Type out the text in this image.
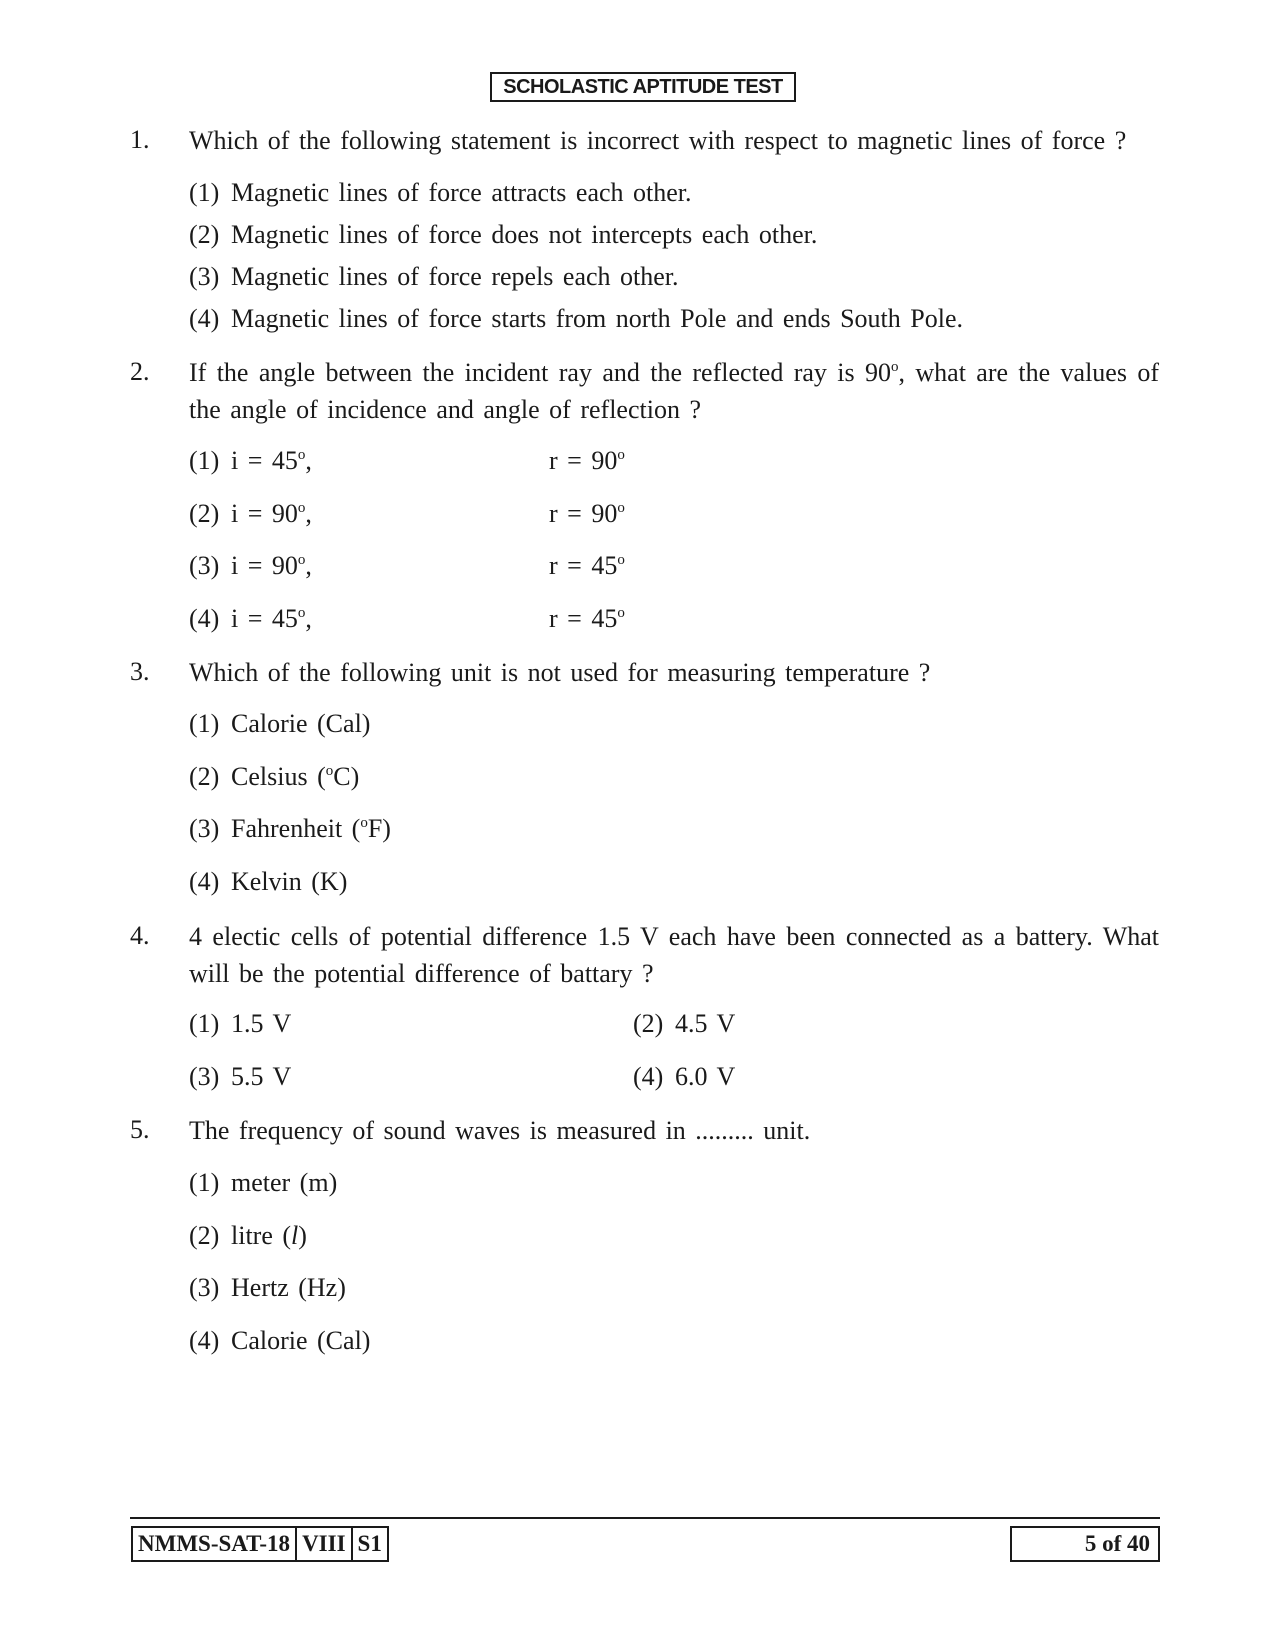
SCHOLASTIC APTITUDE TEST
1. Which of the following statement is incorrect with respect to magnetic lines of force ?
(1) Magnetic lines of force attracts each other.
(2) Magnetic lines of force does not intercepts each other.
(3) Magnetic lines of force repels each other.
(4) Magnetic lines of force starts from north Pole and ends South Pole.
2. If the angle between the incident ray and the reflected ray is 90$^o$, what are the values of the angle of incidence and angle of reflection ?
(1) $i = 45^o$,	$r = 90^o$
(2) $i = 90^o$,	$r = 90^o$
(3) $i = 90^o$,	$r = 45^o$
(4) $i = 45^o$,	$r = 45^o$
3. Which of the following unit is not used for measuring temperature ?
(1) Calorie (Cal)
(2) Celsius ($^o$C)
(3) Fahrenheit ($^o$F)
(4) Kelvin (K)
4. 4 electic cells of potential difference 1.5 V each have been connected as a battery. What will be the potential difference of battary ?
(1) 1.5 V	(2) 4.5 V
(3) 5.5 V	(4) 6.0 V
5. The frequency of sound waves is measured in ......... unit.
(1) meter (m)
(2) litre (l)
(3) Hertz (Hz)
(4) Calorie (Cal)
NMMS-SAT-18 VIII S1	5 of 40
